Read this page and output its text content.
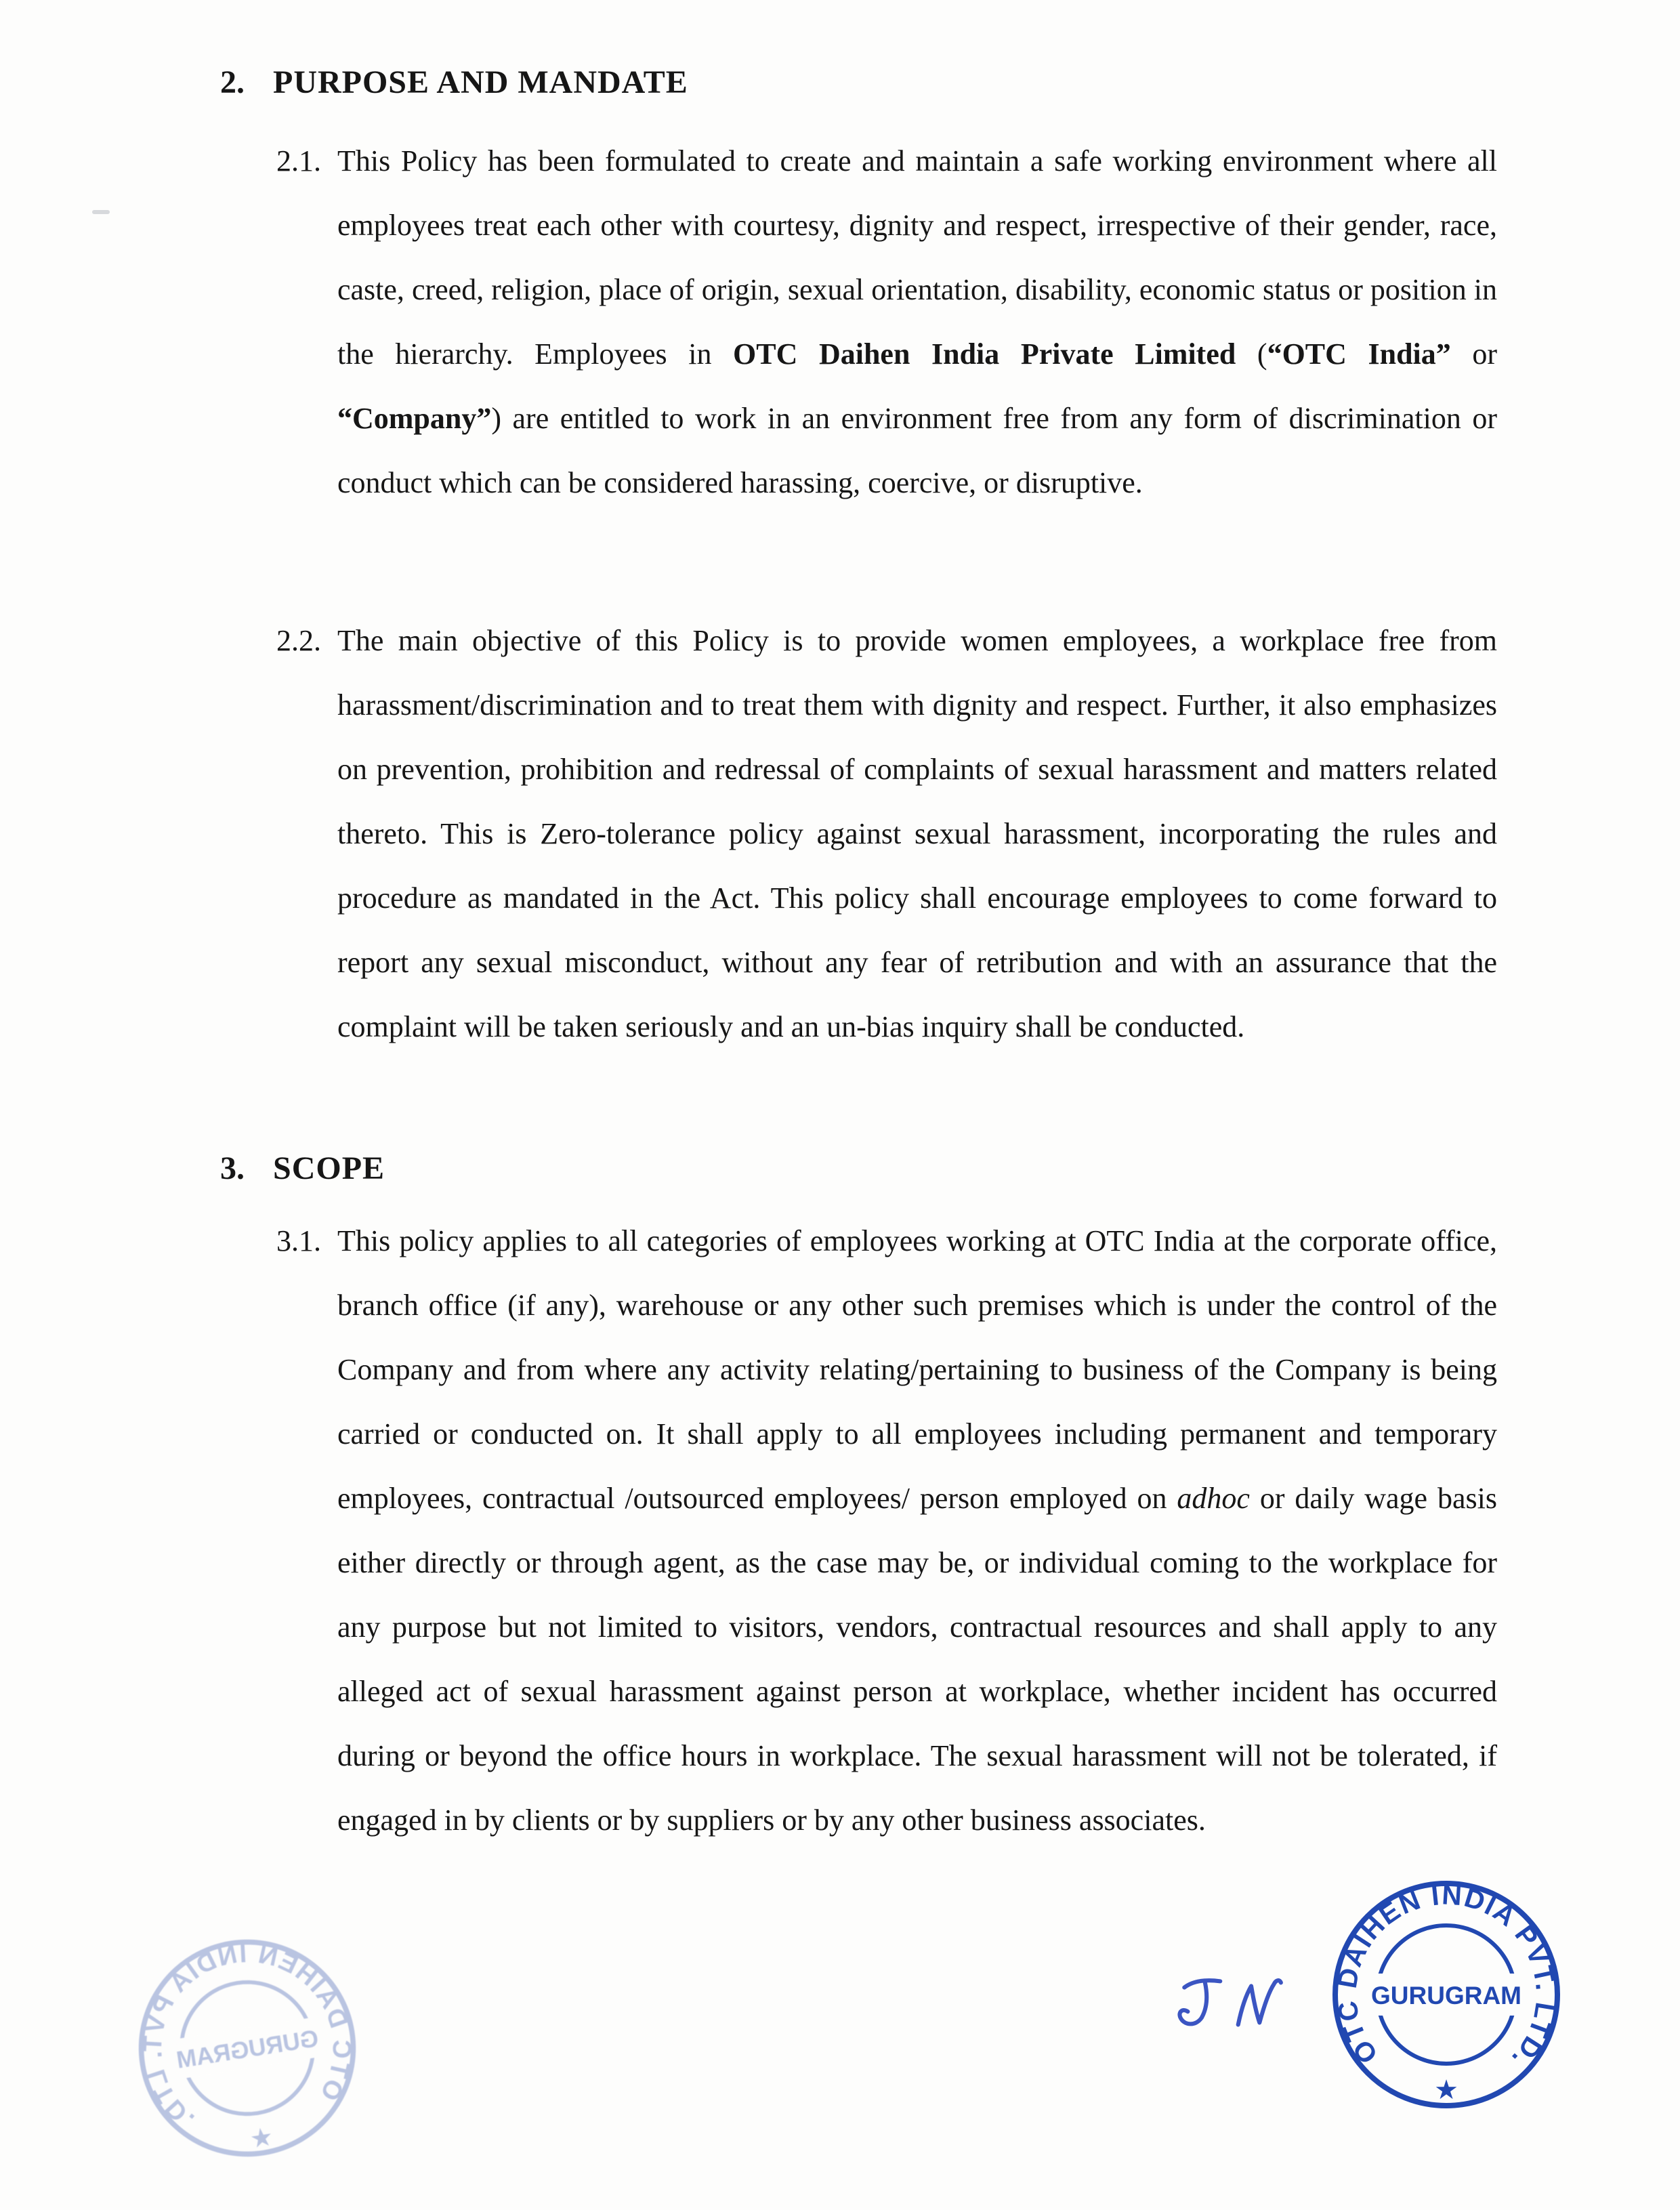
2. PURPOSE AND MANDATE
2.1. This Policy has been formulated to create and maintain a safe working environment where all employees treat each other with courtesy, dignity and respect, irrespective of their gender, race, caste, creed, religion, place of origin, sexual orientation, disability, economic status or position in the hierarchy. Employees in OTC Daihen India Private Limited (“OTC India” or “Company”) are entitled to work in an environment free from any form of discrimination or conduct which can be considered harassing, coercive, or disruptive.

2.2. The main objective of this Policy is to provide women employees, a workplace free from harassment/discrimination and to treat them with dignity and respect. Further, it also emphasizes on prevention, prohibition and redressal of complaints of sexual harassment and matters related thereto. This is Zero-tolerance policy against sexual harassment, incorporating the rules and procedure as mandated in the Act. This policy shall encourage employees to come forward to report any sexual misconduct, without any fear of retribution and with an assurance that the complaint will be taken seriously and an un-bias inquiry shall be conducted.

3. SCOPE
3.1. This policy applies to all categories of employees working at OTC India at the corporate office, branch office (if any), warehouse or any other such premises which is under the control of the Company and from where any activity relating/pertaining to business of the Company is being carried or conducted on. It shall apply to all employees including permanent and temporary employees, contractual /outsourced employees/ person employed on adhoc or daily wage basis either directly or through agent, as the case may be, or individual coming to the workplace for any purpose but not limited to visitors, vendors, contractual resources and shall apply to any alleged act of sexual harassment against person at workplace, whether incident has occurred during or beyond the office hours in workplace. The sexual harassment will not be tolerated, if engaged in by clients or by suppliers or by any other business associates.

OTC DAIHEN INDIA PVT. LTD.
GURUGRAM
★
OTC DAIHEN INDIA PVT. LTD.
GURUGRAM
★
